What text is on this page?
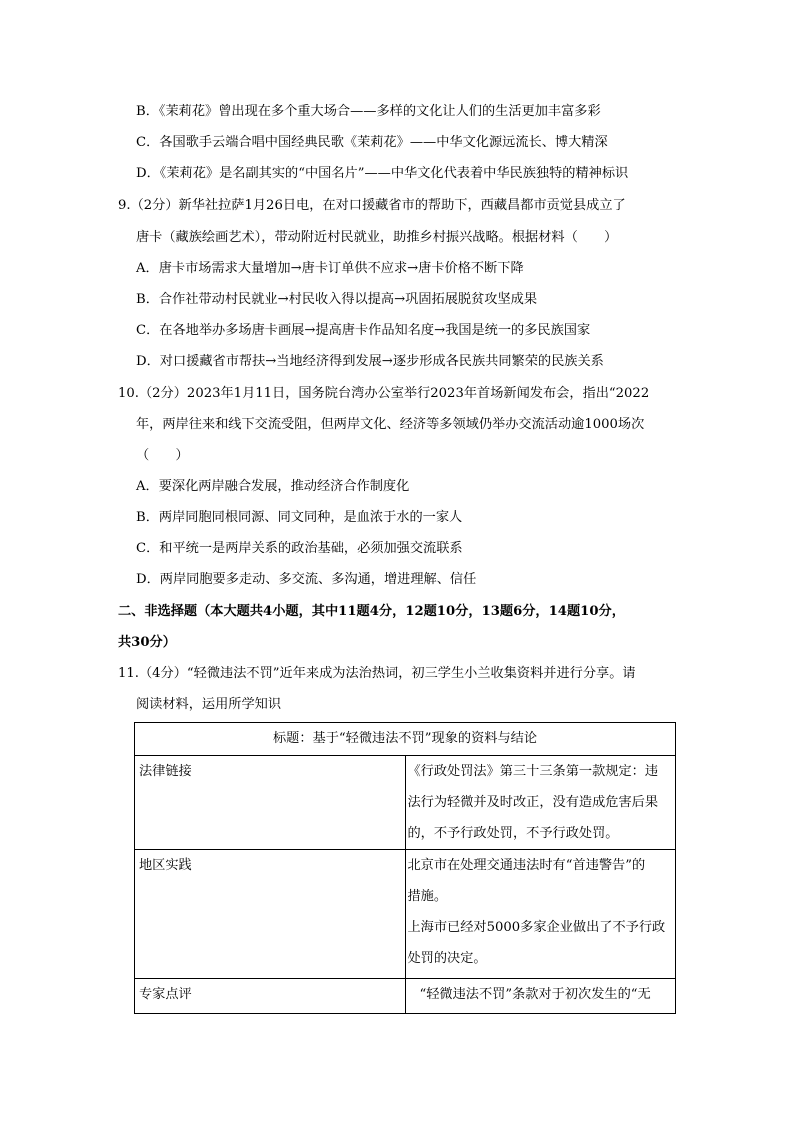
B．《茉莉花》曾出现在多个重大场合——多样的文化让人们的生活更加丰富多彩
C．各国歌手云端合唱中国经典民歌《茉莉花》——中华文化源远流长、博大精深
D．《茉莉花》是名副其实的“中国名片”——中华文化代表着中华民族独特的精神标识
9.（2分）新华社拉萨1月26日电，在对口援藏省市的帮助下，西藏昌都市贡觉县成立了
唐卡（藏族绘画艺术），带动附近村民就业，助推乡村振兴战略。根据材料（　　）
A．唐卡市场需求大量增加→唐卡订单供不应求→唐卡价格不断下降
B．合作社带动村民就业→村民收入得以提高→巩固拓展脱贫攻坚成果
C．在各地举办多场唐卡画展→提高唐卡作品知名度→我国是统一的多民族国家
D．对口援藏省市帮扶→当地经济得到发展→逐步形成各民族共同繁荣的民族关系
10.（2分）2023年1月11日，国务院台湾办公室举行2023年首场新闻发布会，指出“2022
年，两岸往来和线下交流受阻，但两岸文化、经济等多领域仍举办交流活动逾1000场次
（　　）
A．要深化两岸融合发展，推动经济合作制度化
B．两岸同胞同根同源、同文同种，是血浓于水的一家人
C．和平统一是两岸关系的政治基础，必须加强交流联系
D．两岸同胞要多走动、多交流、多沟通，增进理解、信任
二、非选择题（本大题共4小题，其中11题4分，12题10分，13题6分，14题10分，
共30分）
11.（4分）“轻微违法不罚”近年来成为法治热词，初三学生小兰收集资料并进行分享。请
阅读材料，运用所学知识
标题：基于“轻微违法不罚”现象的资料与结论	
法律链接	《行政处罚法》第三十三条第一款规定：违
法行为轻微并及时改正，没有造成危害后果
的，不予行政处罚，不予行政处罚。

地区实践	北京市在处理交通违法时有“首违警告”的
措施。
上海市已经对5000多家企业做出了不予行政
处罚的决定。

专家点评	“轻微违法不罚”条款对于初次发生的“无
